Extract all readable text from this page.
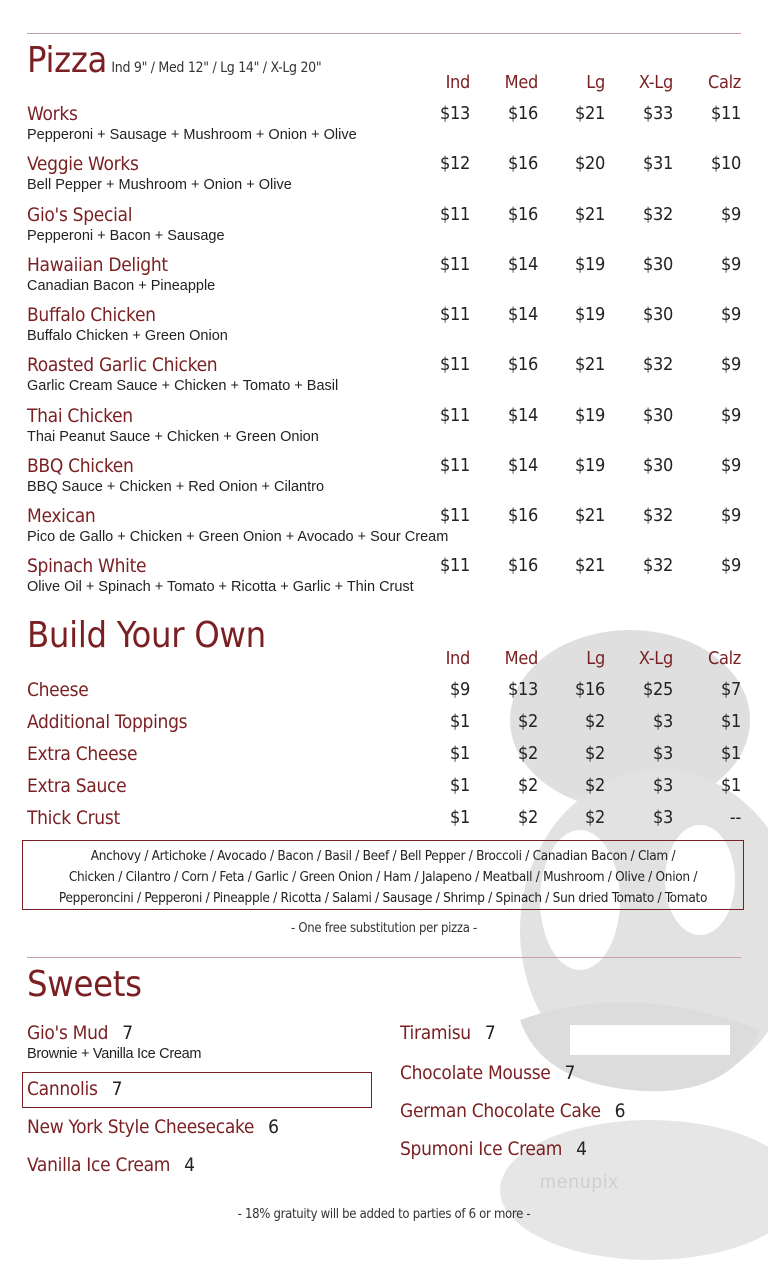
Pizza Ind 9" / Med 12" / Lg 14" / X-Lg 20"
Ind	Med	Lg	X-Lg	Calz
Works
Pepperoni + Sausage + Mushroom + Onion + Olive
$13	$16	$21	$33	$11
Veggie Works
Bell Pepper + Mushroom + Onion + Olive
$12	$16	$20	$31	$10
Gio's Special
Pepperoni + Bacon + Sausage
$11	$16	$21	$32	$9
Hawaiian Delight
Canadian Bacon + Pineapple
$11	$14	$19	$30	$9
Buffalo Chicken
Buffalo Chicken + Green Onion
$11	$14	$19	$30	$9
Roasted Garlic Chicken
Garlic Cream Sauce + Chicken + Tomato + Basil
$11	$16	$21	$32	$9
Thai Chicken
Thai Peanut Sauce + Chicken + Green Onion
$11	$14	$19	$30	$9
BBQ Chicken
BBQ Sauce + Chicken + Red Onion + Cilantro
$11	$14	$19	$30	$9
Mexican
Pico de Gallo + Chicken + Green Onion + Avocado + Sour Cream
$11	$16	$21	$32	$9
Spinach White
Olive Oil + Spinach + Tomato + Ricotta + Garlic + Thin Crust
$11	$16	$21	$32	$9
Build Your Own
Ind	Med	Lg	X-Lg	Calz
Cheese	$9	$13	$16	$25	$7
Additional Toppings	$1	$2	$2	$3	$1
Extra Cheese	$1	$2	$2	$3	$1
Extra Sauce	$1	$2	$2	$3	$1
Thick Crust	$1	$2	$2	$3	--
Anchovy / Artichoke / Avocado / Bacon / Basil / Beef / Bell Pepper / Broccoli / Canadian Bacon / Clam /
Chicken / Cilantro / Corn / Feta / Garlic / Green Onion / Ham / Jalapeno / Meatball / Mushroom / Olive / Onion /
Pepperoncini / Pepperoni / Pineapple / Ricotta / Salami / Sausage / Shrimp / Spinach / Sun dried Tomato / Tomato
- One free substitution per pizza -
Sweets
Gio's Mud 7
Brownie + Vanilla Ice Cream
Cannolis 7
New York Style Cheesecake 6
Vanilla Ice Cream 4
Tiramisu 7
Chocolate Mousse 7
German Chocolate Cake 6
Spumoni Ice Cream 4
menupix
- 18% gratuity will be added to parties of 6 or more -
